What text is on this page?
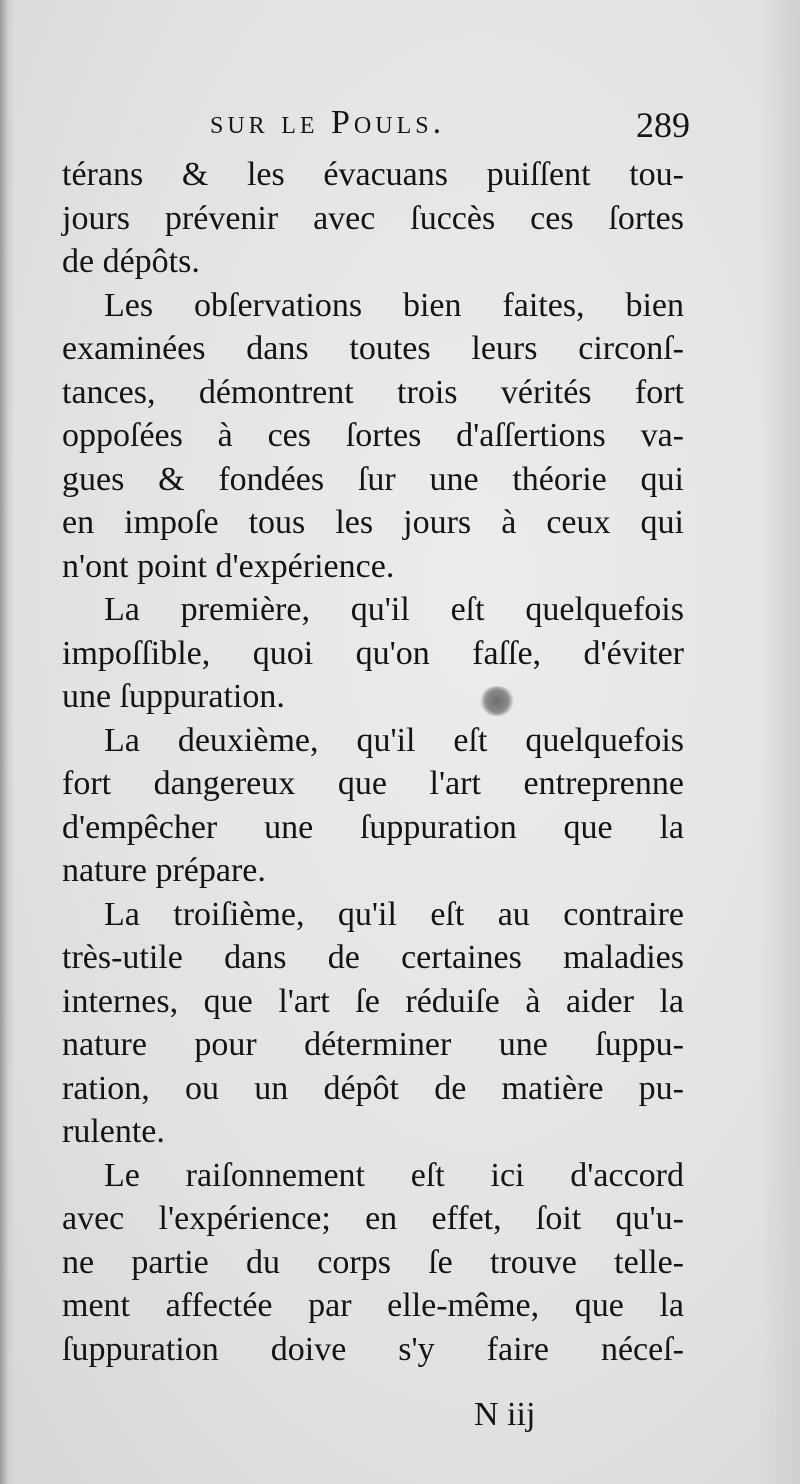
sur le Pouls.	289
térans & les évacuans puiſſent tou-
jours prévenir avec ſuccès ces ſortes
de dépôts.
Les obſervations bien faites, bien
examinées dans toutes leurs circonſ-
tances, démontrent trois vérités fort
oppoſées à ces ſortes d'aſſertions va-
gues & fondées ſur une théorie qui
en impoſe tous les jours à ceux qui
n'ont point d'expérience.
La première, qu'il eſt quelquefois
impoſſible, quoi qu'on faſſe, d'éviter
une ſuppuration.
La deuxième, qu'il eſt quelquefois
fort dangereux que l'art entreprenne
d'empêcher une ſuppuration que la
nature prépare.
La troiſième, qu'il eſt au contraire
très-utile dans de certaines maladies
internes, que l'art ſe réduiſe à aider la
nature pour déterminer une ſuppu-
ration, ou un dépôt de matière pu-
rulente.
Le raiſonnement eſt ici d'accord
avec l'expérience; en effet, ſoit qu'u-
ne partie du corps ſe trouve telle-
ment affectée par elle-même, que la
ſuppuration doive s'y faire néceſ-
N iij
